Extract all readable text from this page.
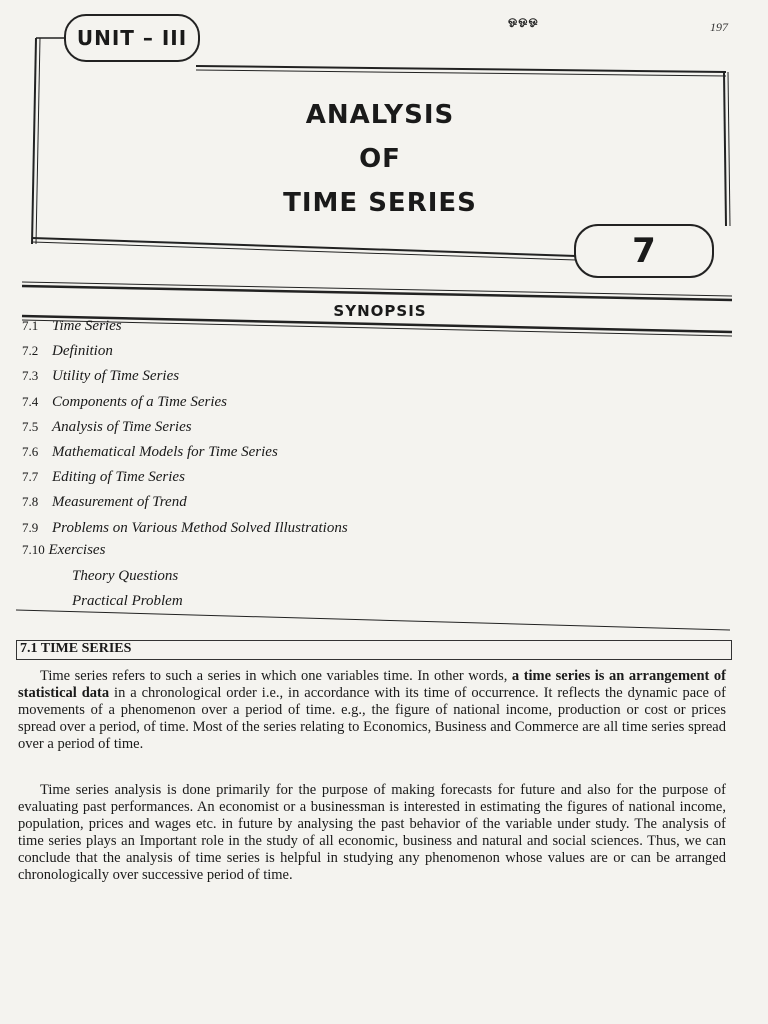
ஓஓஓ	197
UNIT – III
7
ANALYSIS
OF
TIME SERIES
SYNOPSIS
7.1 Time Series
7.2 Definition
7.3 Utility of Time Series
7.4 Components of a Time Series
7.5 Analysis of Time Series
7.6 Mathematical Models for Time Series
7.7 Editing of Time Series
7.8 Measurement of Trend
7.9 Problems on Various Method Solved Illustrations
7.10 Exercises
Theory Questions
Practical Problem
7.1 TIME SERIES

Time series refers to such a series in which one variables time. In other words, a time series is an arrangement of statistical data in a chronological order i.e., in accordance with its time of occurrence. It reflects the dynamic pace of movements of a phenomenon over a period of time. e.g., the figure of national income, production or cost or prices spread over a period, of time. Most of the series relating to Economics, Business and Commerce are all time series spread over a period of time.

Time series analysis is done primarily for the purpose of making forecasts for future and also for the purpose of evaluating past performances. An economist or a businessman is interested in estimating the figures of national income, population, prices and wages etc. in future by analysing the past behavior of the variable under study. The analysis of time series plays an Important role in the study of all economic, business and natural and social sciences. Thus, we can conclude that the analysis of time series is helpful in studying any phenomenon whose values are or can be arranged chronologically over successive period of time.
